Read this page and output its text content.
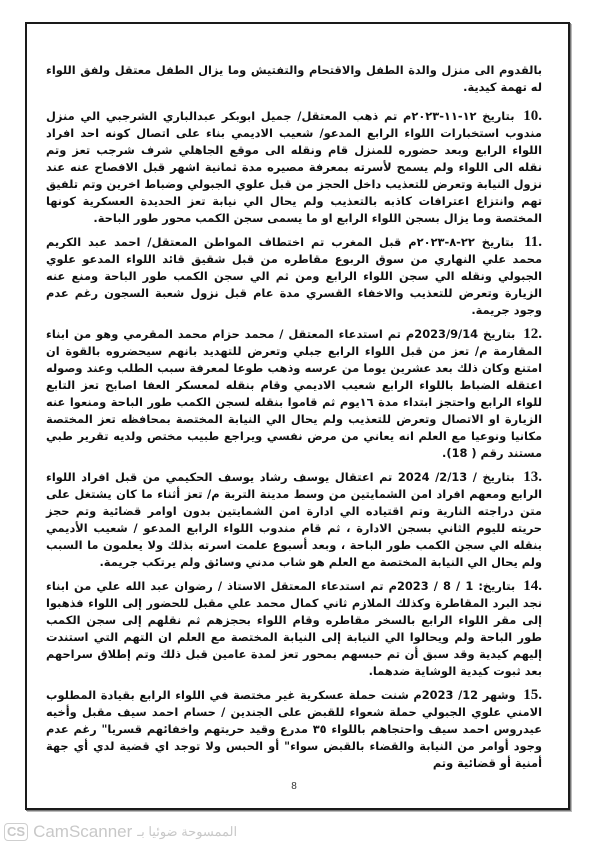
بالقدوم الى منزل والدة الطفل والاقتحام والتفتيش وما يزال الطفل معتقل ولفق اللواء له تهمة كيدية.

10. بتاريخ ١٢-١١-٢٠٢٣م تم ذهب المعتقل/ جميل ابوبكر عبدالباري الشرجبي الي منزل مندوب استخبارات اللواء الرابع المدعو/ شعيب الاديمي بناء على اتصال كونه احد افراد اللواء الرابع وبعد حضوره للمنزل قام ونقله الى موقع الجاهلي شرف شرجب تعز وتم نقله الى اللواء ولم يسمح لأسرته بمعرفة مصيره مدة ثمانية اشهر قبل الافصاح عنه عند نزول النيابة وتعرض للتعذيب داخل الحجز من قبل علوي الجبولي وضباط اخرين وتم تلفيق تهم وانتزاع اعترافات كاذبه بالتعذيب ولم يحال الي نيابة تعز الحديدة العسكرية كونها المختصة وما يزال بسجن اللواء الرابع او ما يسمى سجن الكمب محور طور الباحة.

11. بتاريخ ٢٢-٨-٢٠٢٣م قبل المغرب تم اختطاف المواطن المعتقل/ احمد عبد الكريم محمد علي النهاري من سوق الربوع مقاطره من قبل شقيق قائد اللواء المدعو علوي الجبولي ونقله الي سجن اللواء الرابع ومن ثم الي سجن الكمب طور الباحة ومنع عنه الزيارة وتعرض للتعذيب والاخفاء القسري مدة عام قبل نزول شعبة السجون رغم عدم وجود جريمة.

12. بتاريخ 2023/9/14م تم استدعاء المعتقل / محمد حزام محمد المقرمي وهو من ابناء المقارمة م/ تعز من قبل اللواء الرابع جبلي وتعرض للتهديد بانهم سيحضروه بالقوة ان امتنع وكان ذلك بعد عشرين يوما من عرسه وذهب طوعا لمعرفة سبب الطلب وعند وصوله اعتقله الضباط باللواء الرابع شعيب الاديمي وقام بنقله لمعسكر العفا اصابح تعز التابع للواء الرابع واحتجز ابتداء مدة ١٦يوم ثم قاموا بنقله لسجن الكمب طور الباحة ومنعوا عنه الزيارة او الاتصال وتعرض للتعذيب ولم يحال الي النيابة المختصة بمحافظه تعز المختصة مكانيا ونوعيا مع العلم انه يعاني من مرض نفسي ويراجع طبيب مختص ولديه تقرير طبي مستند رقم ( 18).

13. بتاريخ / 2/13/ 2024 تم اعتقال يوسف رشاد يوسف الحكيمي من قبل افراد اللواء الرابع ومعهم افراد امن الشمايتين من وسط مدينة التربة م/ تعز أثناء ما كان يشتغل على متن دراجته النارية وتم اقتياده الي ادارة امن الشمايتين بدون اوامر قضائية وتم حجز حريته لليوم الثاني بسجن الادارة ، ثم قام مندوب اللواء الرابع المدعو / شعيب الأديمي بنقله الي سجن الكمب طور الباحة ، وبعد أسبوع علمت اسرته بذلك ولا يعلمون ما السبب ولم يحال الي النيابة المختصة مع العلم هو شاب مدني وسائق ولم يرتكب جريمة.

14. بتاريخ: 1 / 8 / 2023م تم استدعاء المعتقل الاستاذ / رضوان عبد الله علي من ابناء نجد البرد المقاطرة وكذلك الملازم ثاني كمال محمد علي مقبل للحضور إلى اللواء فذهبوا إلى مقر اللواء الرابع بالسخر مقاطره وقام اللواء بحجزهم ثم نقلهم إلى سجن الكمب طور الباحة ولم ويحالوا الي النيابة إلى النيابة المختصة مع العلم ان التهم التي استندت إليهم كيدية وقد سبق أن تم حبسهم بمحور تعز لمدة عامين قبل ذلك وتم إطلاق سراحهم بعد ثبوت كيدية الوشاية ضدهما.

15. وشهر 12/ 2023م شنت حملة عسكرية غير مختصة في اللواء الرابع بقيادة المطلوب الامني علوي الجبولي حملة شعواء للقبض على الجندين / حسام احمد سيف مقبل وأخيه عيدروس احمد سيف واحتجاهم باللواء ٣٥ مدرع وقيد حريتهم واخفائهم قسريا" رغم عدم وجود أوامر من النيابة والقضاء بالقبض سواء" أو الحبس ولا توجد اي قضية لدي أي جهة أمنية أو قضائية وتم

8
CS CamScanner الممسوحة ضوئيا بـ
